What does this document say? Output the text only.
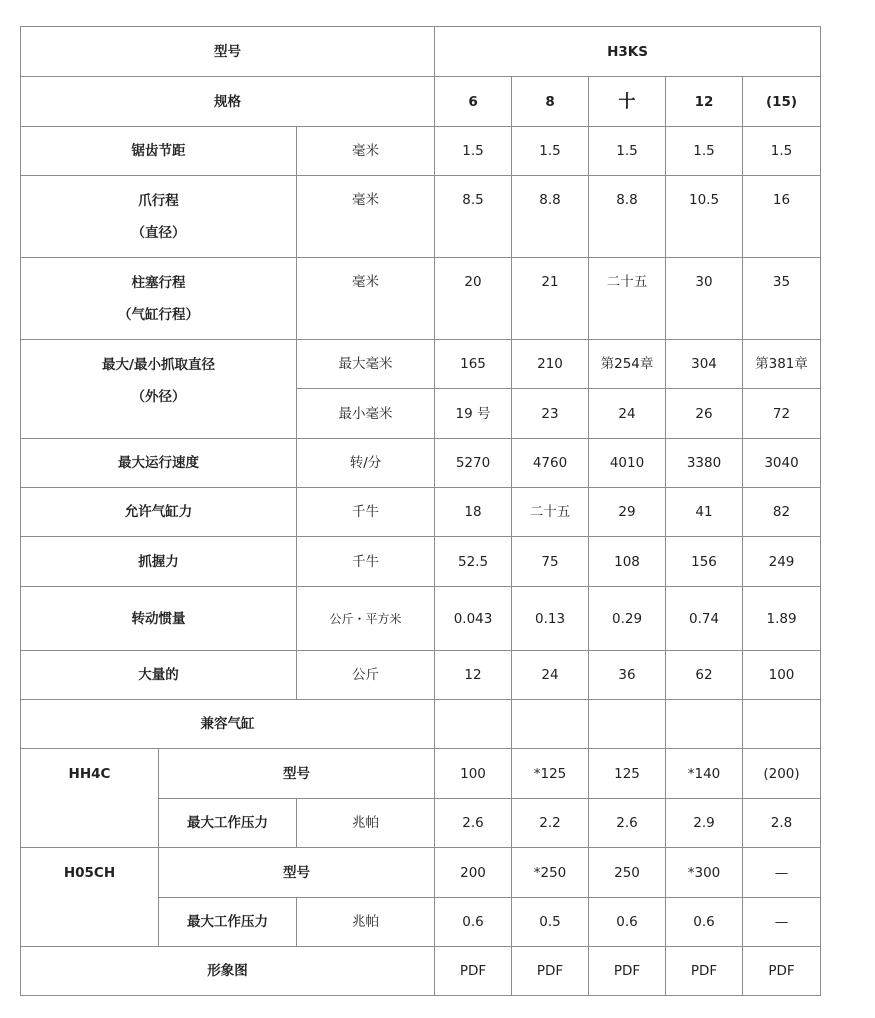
型号			H3KS				
规格			6	8	十	12	(15)
锯齿节距		毫米	1.5	1.5	1.5	1.5	1.5

爪行程
（直径）		毫米	8.5	8.8	8.8	10.5	16

柱塞行程
（气缸行程）		毫米	20	21	二十五	30	35

最大/最小抓取直径
（外径）		最大毫米	165	210	第254章	304	第381章
		最小毫米	19 号	23	24	26	72
最大运行速度		转/分	5270	4760	4010	3380	3040
允许气缸力		千牛	18	二十五	29	41	82
抓握力		千牛	52.5	75	108	156	249
转动惯量		公斤・平方米	0.043	0.13	0.29	0.74	1.89
大量的		公斤	12	24	36	62	100
兼容气缸							
HH4C	型号		100	*125	125	*140	(200)
	最大工作压力	兆帕	2.6	2.2	2.6	2.9	2.8
H05CH	型号		200	*250	250	*300	—
	最大工作压力	兆帕	0.6	0.5	0.6	0.6	—
形象图			PDF	PDF	PDF	PDF	PDF
